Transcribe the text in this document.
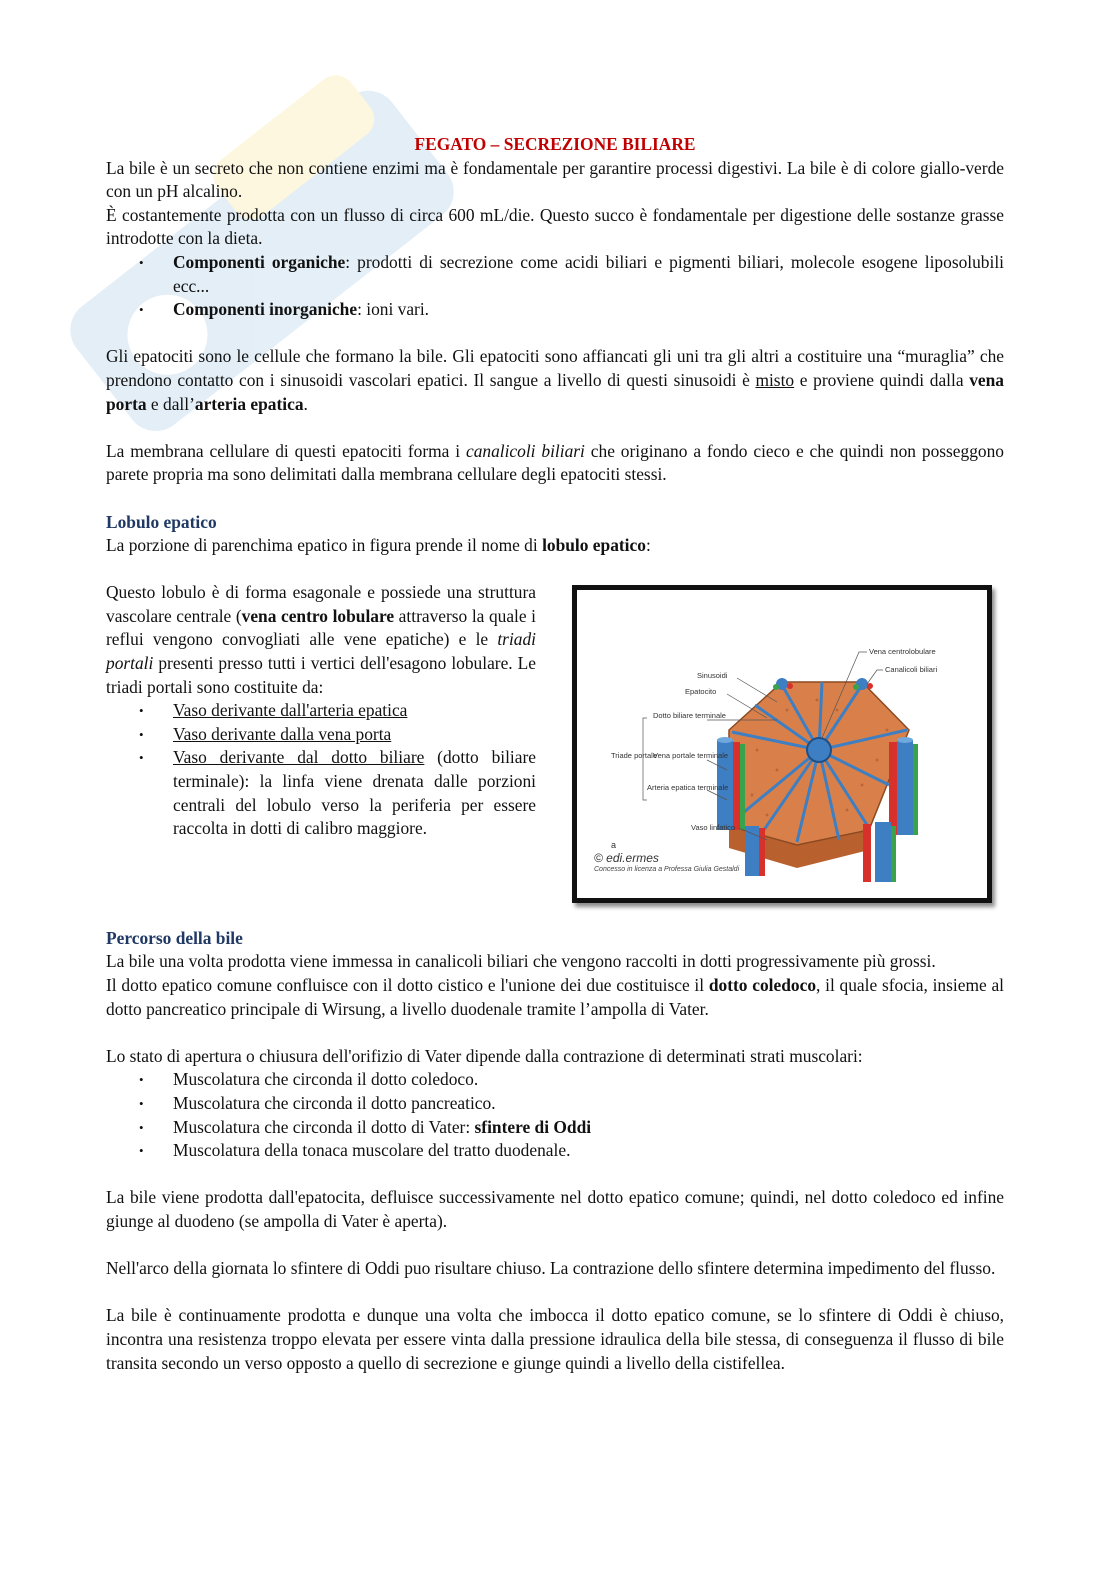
FEGATO – SECREZIONE BILIARE

La bile è un secreto che non contiene enzimi ma è fondamentale per garantire processi digestivi. La bile è di colore giallo-verde con un pH alcalino.

È costantemente prodotta con un flusso di circa 600 mL/die. Questo succo è fondamentale per digestione delle sostanze grasse introdotte con la dieta.

• Componenti organiche: prodotti di secrezione come acidi biliari e pigmenti biliari, molecole esogene liposolubili ecc...
• Componenti inorganiche: ioni vari.

Gli epatociti sono le cellule che formano la bile. Gli epatociti sono affiancati gli uni tra gli altri a costituire una “muraglia” che prendono contatto con i sinusoidi vascolari epatici. Il sangue a livello di questi sinusoidi è misto e proviene quindi dalla vena porta e dall’arteria epatica.

La membrana cellulare di questi epatociti forma i canalicoli biliari che originano a fondo cieco e che quindi non posseggono parete propria ma sono delimitati dalla membrana cellulare degli epatociti stessi.

Lobulo epatico

La porzione di parenchima epatico in figura prende il nome di lobulo epatico:

Questo lobulo è di forma esagonale e possiede una struttura vascolare centrale (vena centro lobulare attraverso la quale i reflui vengono convogliati alle vene epatiche) e le triadi portali presenti presso tutti i vertici dell'esagono lobulare. Le triadi portali sono costituite da:

• Vaso derivante dall'arteria epatica
• Vaso derivante dalla vena porta
• Vaso derivante dal dotto biliare (dotto biliare terminale): la linfa viene drenata dalle porzioni centrali del lobulo verso la periferia per essere raccolta in dotti di calibro maggiore.
Vena centrolobulare
Canalicoli biliari
Sinusoidi
Epatocito
Dotto biliare terminale
Triade portale
Vena portale terminale
Arteria epatica terminale
Vaso linfatico
a
© edi.ermes
Concesso in licenza a Professa Giulia Gestaldi

Percorso della bile

La bile una volta prodotta viene immessa in canalicoli biliari che vengono raccolti in dotti progressivamente più grossi.

Il dotto epatico comune confluisce con il dotto cistico e l'unione dei due costituisce il dotto coledoco, il quale sfocia, insieme al dotto pancreatico principale di Wirsung, a livello duodenale tramite l’ampolla di Vater.

Lo stato di apertura o chiusura dell'orifizio di Vater dipende dalla contrazione di determinati strati muscolari:

• Muscolatura che circonda il dotto coledoco.
• Muscolatura che circonda il dotto pancreatico.
• Muscolatura che circonda il dotto di Vater: sfintere di Oddi
• Muscolatura della tonaca muscolare del tratto duodenale.

La bile viene prodotta dall'epatocita, defluisce successivamente nel dotto epatico comune; quindi, nel dotto coledoco ed infine giunge al duodeno (se ampolla di Vater è aperta).

Nell'arco della giornata lo sfintere di Oddi puo risultare chiuso. La contrazione dello sfintere determina impedimento del flusso.

La bile è continuamente prodotta e dunque una volta che imbocca il dotto epatico comune, se lo sfintere di Oddi è chiuso, incontra una resistenza troppo elevata per essere vinta dalla pressione idraulica della bile stessa, di conseguenza il flusso di bile transita secondo un verso opposto a quello di secrezione e giunge quindi a livello della cistifellea.
